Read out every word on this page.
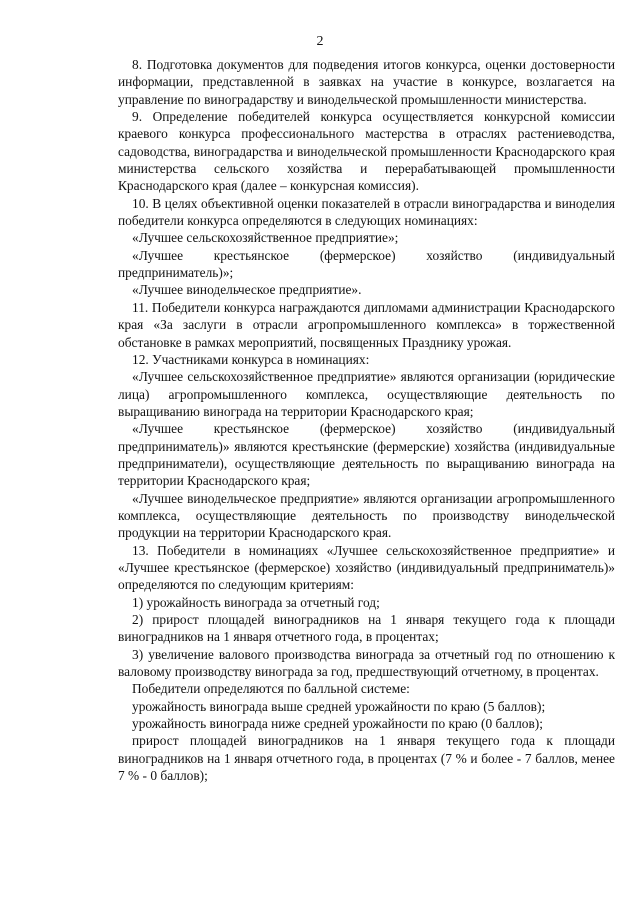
2

8. Подготовка документов для подведения итогов конкурса, оценки достоверности информации, представленной в заявках на участие в конкурсе, возлагается на управление по виноградарству и винодельческой промышленности министерства.

9. Определение победителей конкурса осуществляется конкурсной комиссии краевого конкурса профессионального мастерства в отраслях растениеводства, садоводства, виноградарства и винодельческой промышленности Краснодарского края министерства сельского хозяйства и перерабатывающей промышленности Краснодарского края (далее – конкурсная комиссия).

10. В целях объективной оценки показателей в отрасли виноградарства и виноделия победители конкурса определяются в следующих номинациях:

«Лучшее сельскохозяйственное предприятие»;

«Лучшее крестьянское (фермерское) хозяйство (индивидуальный предприниматель)»;

«Лучшее винодельческое предприятие».

11. Победители конкурса награждаются дипломами администрации Краснодарского края «За заслуги в отрасли агропромышленного комплекса» в торжественной обстановке в рамках мероприятий, посвященных Празднику урожая.

12. Участниками конкурса в номинациях:

«Лучшее сельскохозяйственное предприятие» являются организации (юридические лица) агропромышленного комплекса, осуществляющие деятельность по выращиванию винограда на территории Краснодарского края;

«Лучшее крестьянское (фермерское) хозяйство (индивидуальный предприниматель)» являются крестьянские (фермерские) хозяйства (индивидуальные предприниматели), осуществляющие деятельность по выращиванию винограда на территории Краснодарского края;

«Лучшее винодельческое предприятие» являются организации агропромышленного комплекса, осуществляющие деятельность по производству винодельческой продукции на территории Краснодарского края.

13. Победители в номинациях «Лучшее сельскохозяйственное предприятие» и «Лучшее крестьянское (фермерское) хозяйство (индивидуальный предприниматель)» определяются по следующим критериям:

1) урожайность винограда за отчетный год;

2) прирост площадей виноградников на 1 января текущего года к площади виноградников на 1 января отчетного года, в процентах;

3) увеличение валового производства винограда за отчетный год по отношению к валовому производству винограда за год, предшествующий отчетному, в процентах.

Победители определяются по балльной системе:

урожайность винограда выше средней урожайности по краю (5 баллов);

урожайность винограда ниже средней урожайности по краю (0 баллов);

прирост площадей виноградников на 1 января текущего года к площади виноградников на 1 января отчетного года, в процентах (7 % и более - 7 баллов, менее 7 % - 0 баллов);
